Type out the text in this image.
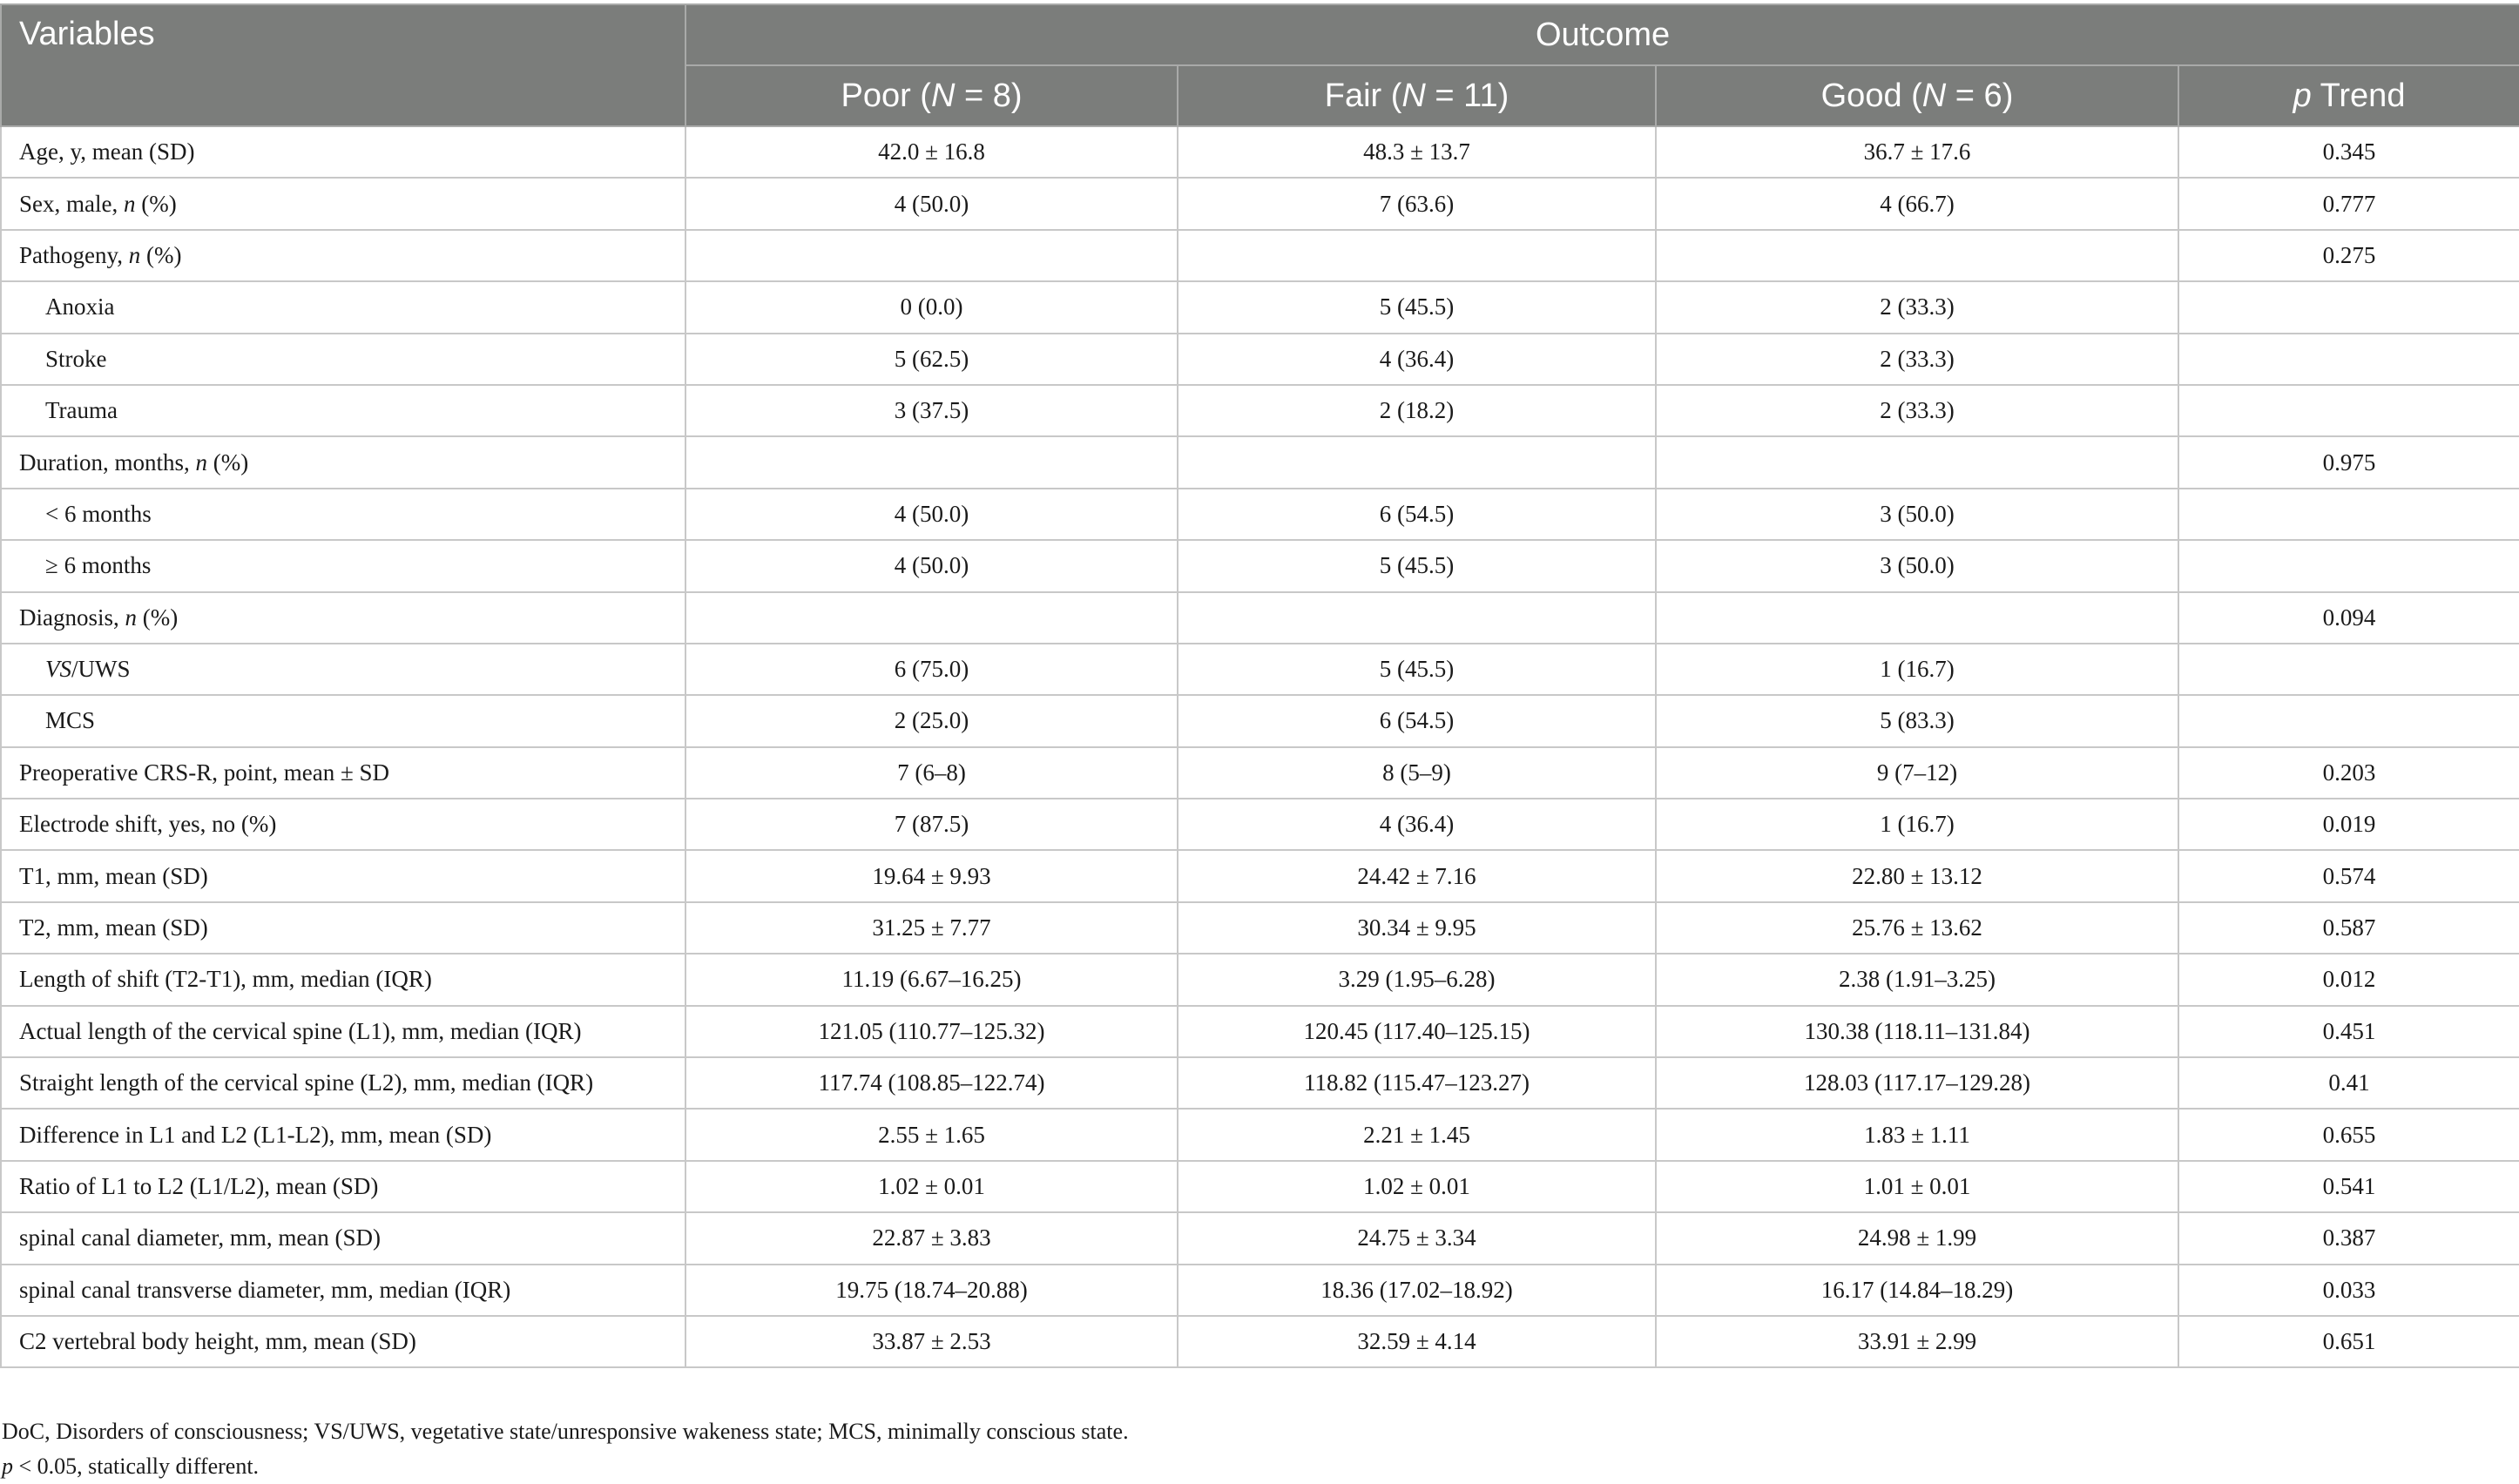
Variables	Outcome			
	Poor (N = 8)	Fair (N = 11)	Good (N = 6)	p Trend
Age, y, mean (SD)	42.0 ± 16.8	48.3 ± 13.7	36.7 ± 17.6	0.345
Sex, male, n (%)	4 (50.0)	7 (63.6)	4 (66.7)	0.777
Pathogeny, n (%)				0.275
Anoxia	0 (0.0)	5 (45.5)	2 (33.3)	
Stroke	5 (62.5)	4 (36.4)	2 (33.3)	
Trauma	3 (37.5)	2 (18.2)	2 (33.3)	
Duration, months, n (%)				0.975
< 6 months	4 (50.0)	6 (54.5)	3 (50.0)	
≥ 6 months	4 (50.0)	5 (45.5)	3 (50.0)	
Diagnosis, n (%)				0.094
VS/UWS	6 (75.0)	5 (45.5)	1 (16.7)	
MCS	2 (25.0)	6 (54.5)	5 (83.3)	
Preoperative CRS-R, point, mean ± SD	7 (6–8)	8 (5–9)	9 (7–12)	0.203
Electrode shift, yes, no (%)	7 (87.5)	4 (36.4)	1 (16.7)	0.019
T1, mm, mean (SD)	19.64 ± 9.93	24.42 ± 7.16	22.80 ± 13.12	0.574
T2, mm, mean (SD)	31.25 ± 7.77	30.34 ± 9.95	25.76 ± 13.62	0.587
Length of shift (T2-T1), mm, median (IQR)	11.19 (6.67–16.25)	3.29 (1.95–6.28)	2.38 (1.91–3.25)	0.012
Actual length of the cervical spine (L1), mm, median (IQR)	121.05 (110.77–125.32)	120.45 (117.40–125.15)	130.38 (118.11–131.84)	0.451
Straight length of the cervical spine (L2), mm, median (IQR)	117.74 (108.85–122.74)	118.82 (115.47–123.27)	128.03 (117.17–129.28)	0.41
Difference in L1 and L2 (L1-L2), mm, mean (SD)	2.55 ± 1.65	2.21 ± 1.45	1.83 ± 1.11	0.655
Ratio of L1 to L2 (L1/L2), mean (SD)	1.02 ± 0.01	1.02 ± 0.01	1.01 ± 0.01	0.541
spinal canal diameter, mm, mean (SD)	22.87 ± 3.83	24.75 ± 3.34	24.98 ± 1.99	0.387
spinal canal transverse diameter, mm, median (IQR)	19.75 (18.74–20.88)	18.36 (17.02–18.92)	16.17 (14.84–18.29)	0.033
C2 vertebral body height, mm, mean (SD)	33.87 ± 2.53	32.59 ± 4.14	33.91 ± 2.99	0.651
DoC, Disorders of consciousness; VS/UWS, vegetative state/unresponsive wakeness state; MCS, minimally conscious state.
p < 0.05, statically different.
